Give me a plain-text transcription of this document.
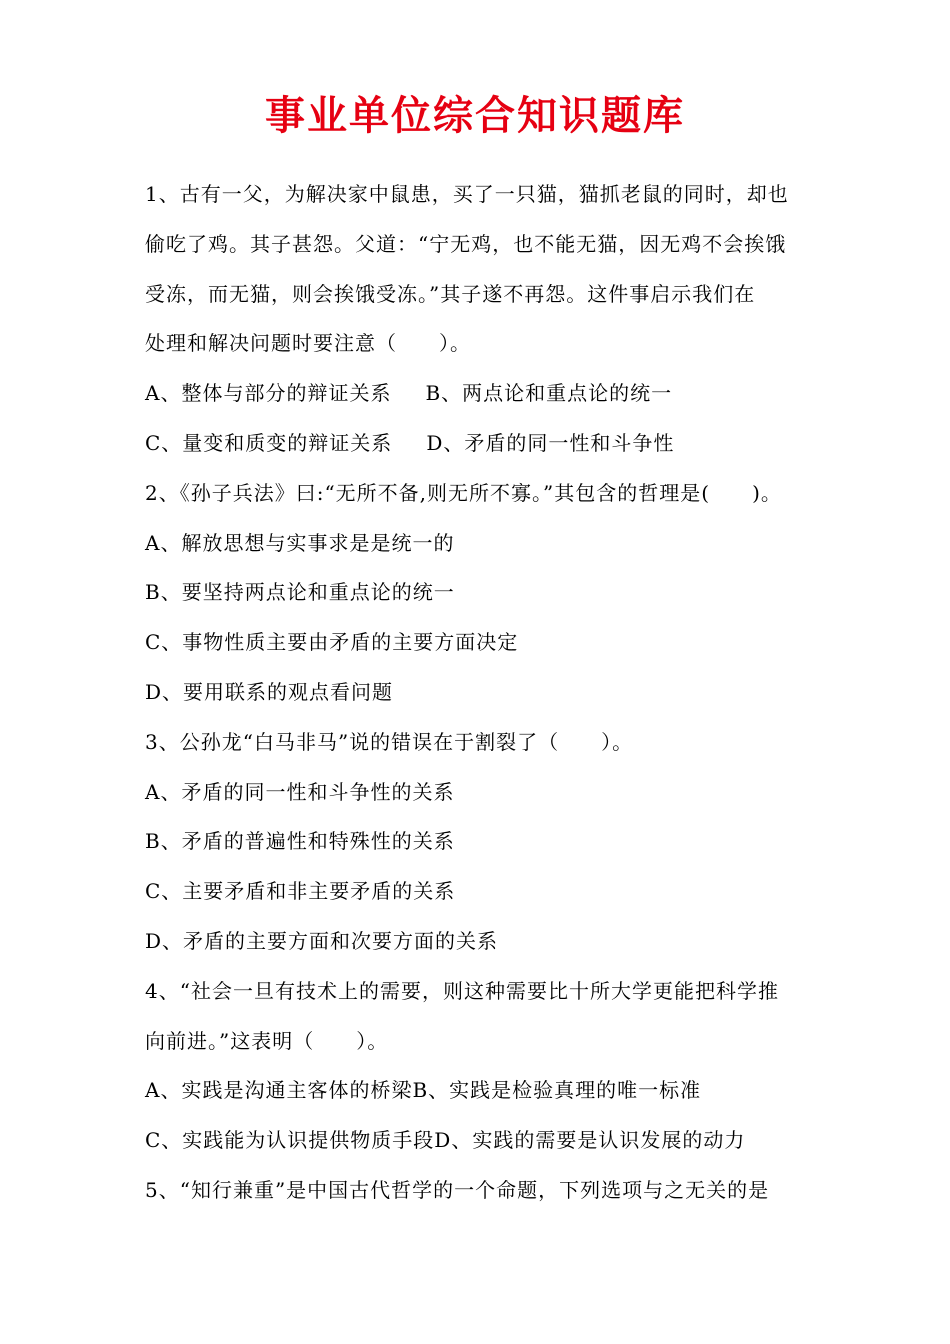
事业单位综合知识题库
1、古有一父，为解决家中鼠患，买了一只猫，猫抓老鼠的同时，却也
偷吃了鸡。其子甚怨。父道：“宁无鸡，也不能无猫，因无鸡不会挨饿
受冻，而无猫，则会挨饿受冻。”其子遂不再怨。这件事启示我们在
处理和解决问题时要注意（　　）。
A、整体与部分的辩证关系 B、两点论和重点论的统一
C、量变和质变的辩证关系 D、矛盾的同一性和斗争性
2、《孙子兵法》曰:“无所不备,则无所不寡。”其包含的哲理是(　　)。
A、解放思想与实事求是是统一的
B、要坚持两点论和重点论的统一
C、事物性质主要由矛盾的主要方面决定
D、要用联系的观点看问题
3、公孙龙“白马非马”说的错误在于割裂了（　　）。
A、矛盾的同一性和斗争性的关系
B、矛盾的普遍性和特殊性的关系
C、主要矛盾和非主要矛盾的关系
D、矛盾的主要方面和次要方面的关系
4、“社会一旦有技术上的需要，则这种需要比十所大学更能把科学推
向前进。”这表明（　　）。
A、实践是沟通主客体的桥梁B、实践是检验真理的唯一标准
C、实践能为认识提供物质手段D、实践的需要是认识发展的动力
5、“知行兼重”是中国古代哲学的一个命题，下列选项与之无关的是
